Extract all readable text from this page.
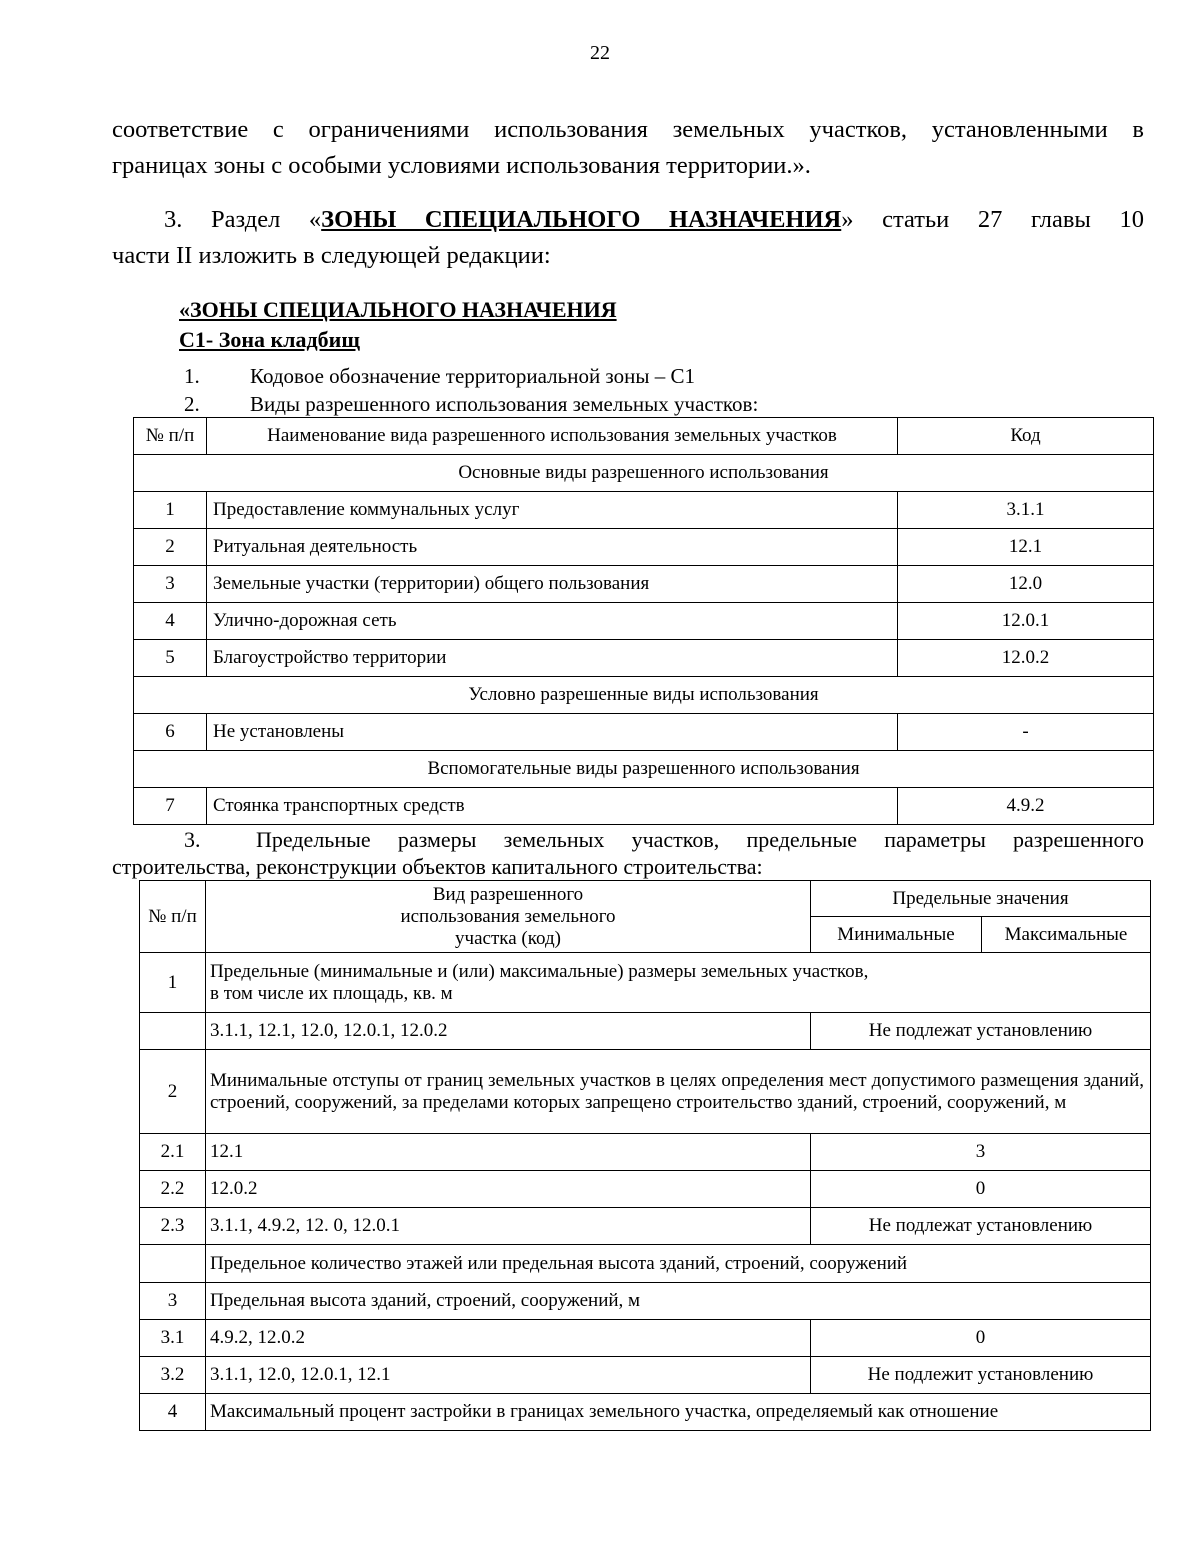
22
соответствие с ограничениями использования земельных участков, установленными в
границах зоны с особыми условиями использования территории.».
3. Раздел «ЗОНЫ СПЕЦИАЛЬНОГО НАЗНАЧЕНИЯ» статьи 27 главы 10
части II изложить в следующей редакции:
«ЗОНЫ СПЕЦИАЛЬНОГО НАЗНАЧЕНИЯ
С1- Зона кладбищ
1. Кодовое обозначение территориальной зоны – С1
2. Виды разрешенного использования земельных участков:
№ п/п	Наименование вида разрешенного использования земельных участков	Код
Основные виды разрешенного использования		
1	Предоставление коммунальных услуг	3.1.1
2	Ритуальная деятельность	12.1
3	Земельные участки (территории) общего пользования	12.0
4	Улично-дорожная сеть	12.0.1
5	Благоустройство территории	12.0.2
Условно разрешенные виды использования		
6	Не установлены	-
Вспомогательные виды разрешенного использования		
7	Стоянка транспортных средств	4.9.2
3.	Предельные размеры земельных участков, предельные параметры разрешенного
строительства, реконструкции объектов капитального строительства:
№ п/п	Вид разрешенного использования земельного участка (код)	Предельные значения	
		Минимальные	Максимальные
1	Предельные (минимальные и (или) максимальные) размеры земельных участков,
в том числе их площадь, кв. м		
	3.1.1, 12.1, 12.0, 12.0.1, 12.0.2	Не подлежат установлению	
2	Минимальные отступы от границ земельных участков в целях определения мест допустимого размещения зданий, строений, сооружений, за пределами которых запрещено строительство зданий, строений, сооружений, м		
2.1	12.1	3	
2.2	12.0.2	0	
2.3	3.1.1, 4.9.2, 12. 0, 12.0.1	Не подлежат установлению	
	Предельное количество этажей или предельная высота зданий, строений, сооружений		
3	Предельная высота зданий, строений, сооружений, м		
3.1	4.9.2, 12.0.2	0	
3.2	3.1.1, 12.0, 12.0.1, 12.1	Не подлежит установлению	
4	Максимальный процент застройки в границах земельного участка, определяемый как отношение		
